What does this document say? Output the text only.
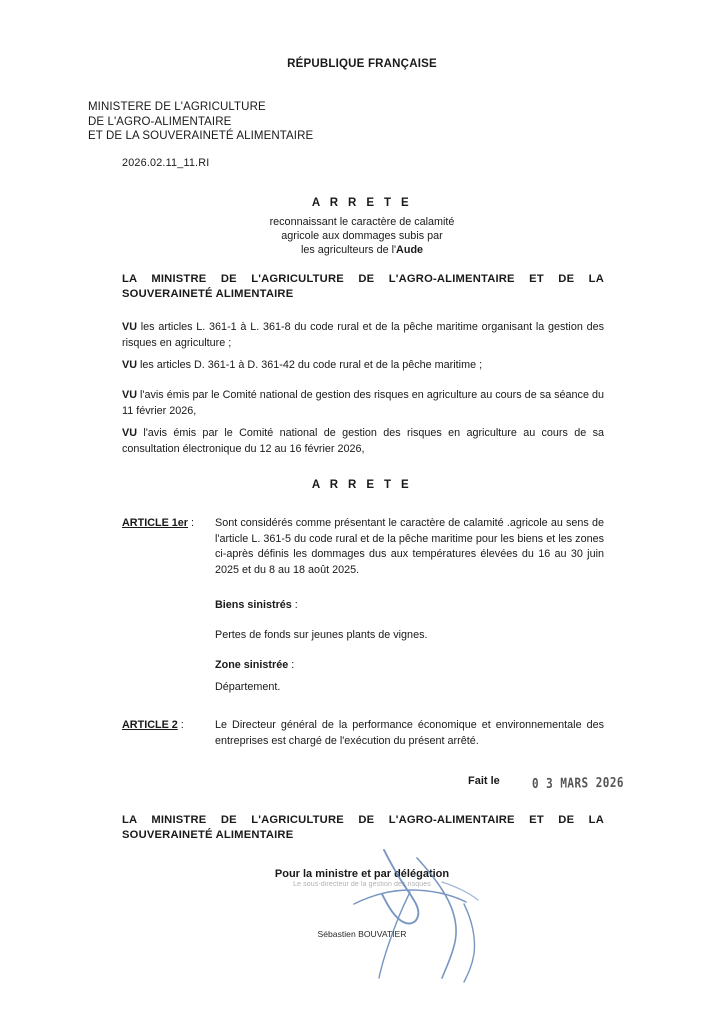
RÉPUBLIQUE FRANÇAISE
MINISTERE DE L'AGRICULTURE
DE L'AGRO-ALIMENTAIRE
ET DE LA SOUVERAINETÉ ALIMENTAIRE
2026.02.11_11.RI
A R R E T E
reconnaissant le caractère de calamité
agricole aux dommages subis par
les agriculteurs de l'Aude
LA MINISTRE DE L'AGRICULTURE DE L'AGRO-ALIMENTAIRE ET DE LA
SOUVERAINETÉ ALIMENTAIRE
VU les articles L. 361-1 à L. 361-8 du code rural et de la pêche maritime organisant la gestion des risques en agriculture ;
VU les articles D. 361-1 à D. 361-42 du code rural et de la pêche maritime ;
VU l'avis émis par le Comité national de gestion des risques en agriculture au cours de sa séance du 11 février 2026,
VU l'avis émis par le Comité national de gestion des risques en agriculture au cours de sa consultation électronique du 12 au 16 février 2026,
A R R E T E
ARTICLE 1er : Sont considérés comme présentant le caractère de calamité .agricole au sens de l'article L. 361-5 du code rural et de la pêche maritime pour les biens et les zones ci-après définis les dommages dus aux températures élevées du 16 au 30 juin 2025 et du 8 au 18 août 2025.
Biens sinistrés :
Pertes de fonds sur jeunes plants de vignes.
Zone sinistrée :
Département.
ARTICLE 2 :	Le Directeur général de la performance économique et environnementale des entreprises est chargé de l'exécution du présent arrêté.
Fait le 0 3 MARS 2026
LA MINISTRE DE L'AGRICULTURE DE L'AGRO-ALIMENTAIRE ET DE LA
SOUVERAINETÉ ALIMENTAIRE
Pour la ministre et par délégation
Le sous-directeur de la gestion des risques
Sébastien BOUVATIER
